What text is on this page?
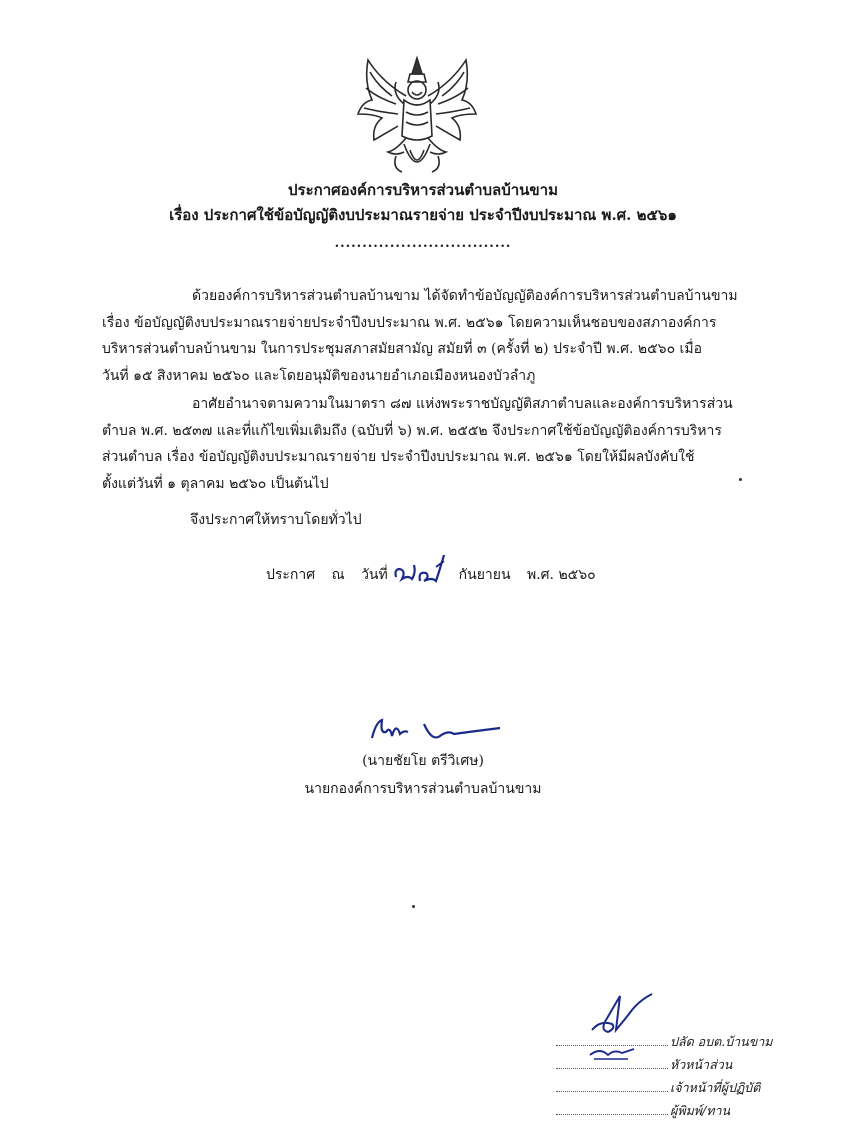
ประกาศองค์การบริหารส่วนตำบลบ้านขาม
เรื่อง ประกาศใช้ข้อบัญญัติงบประมาณรายจ่าย ประจำปีงบประมาณ พ.ศ. ๒๕๖๑
................................
ด้วยองค์การบริหารส่วนตำบลบ้านขาม ได้จัดทำข้อบัญญัติองค์การบริหารส่วนตำบลบ้านขาม
เรื่อง ข้อบัญญัติงบประมาณรายจ่ายประจำปีงบประมาณ พ.ศ. ๒๕๖๑ โดยความเห็นชอบของสภาองค์การ
บริหารส่วนตำบลบ้านขาม ในการประชุมสภาสมัยสามัญ สมัยที่ ๓ (ครั้งที่ ๒) ประจำปี พ.ศ. ๒๕๖๐ เมื่อ
วันที่ ๑๕ สิงหาคม ๒๕๖๐ และโดยอนุมัติของนายอำเภอเมืองหนองบัวลำภู
อาศัยอำนาจตามความในมาตรา ๘๗ แห่งพระราชบัญญัติสภาตำบลและองค์การบริหารส่วน
ตำบล พ.ศ. ๒๕๓๗ และที่แก้ไขเพิ่มเติมถึง (ฉบับที่ ๖) พ.ศ. ๒๕๕๒ จึงประกาศใช้ข้อบัญญัติองค์การบริหาร
ส่วนตำบล เรื่อง ข้อบัญญัติงบประมาณรายจ่าย ประจำปีงบประมาณ พ.ศ. ๒๕๖๑ โดยให้มีผลบังคับใช้
ตั้งแต่วันที่ ๑ ตุลาคม ๒๕๖๐ เป็นต้นไป
จึงประกาศให้ทราบโดยทั่วไป
ประกาศ ณ วันที่	กันยายน พ.ศ. ๒๕๖๐
(นายชัยโย ตรีวิเศษ)
นายกองค์การบริหารส่วนตำบลบ้านขาม
ปลัด อบต.บ้านขาม
หัวหน้าส่วน
เจ้าหน้าที่ผู้ปฏิบัติ
ผู้พิมพ์/ทาน
